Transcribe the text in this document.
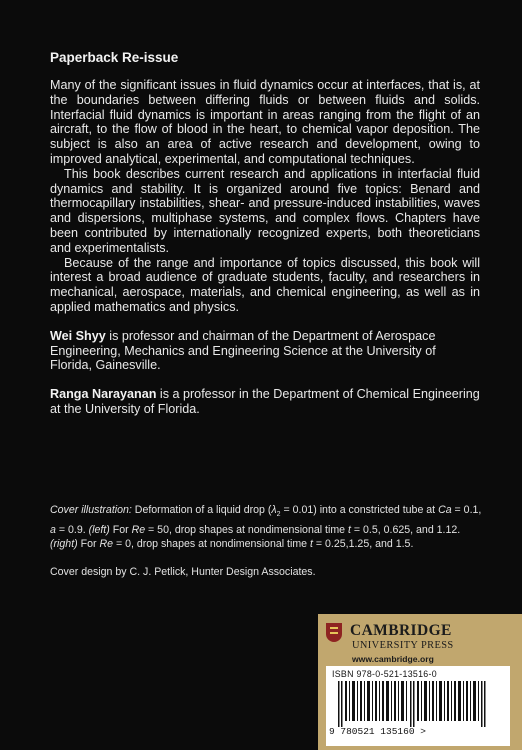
Paperback Re-issue

Many of the significant issues in fluid dynamics occur at interfaces, that is, at the boundaries between differing fluids or between fluids and solids. Interfacial fluid dynamics is important in areas ranging from the flight of an aircraft, to the flow of blood in the heart, to chemical vapor deposition. The subject is also an area of active research and development, owing to improved analytical, experimental, and computational techniques.

This book describes current research and applications in interfacial fluid dynamics and stability. It is organized around five topics: Benard and thermocapillary instabilities, shear- and pressure-induced instabilities, waves and dispersions, multiphase systems, and complex flows. Chapters have been contributed by internationally recognized experts, both theoreticians and experimentalists.

Because of the range and importance of topics discussed, this book will interest a broad audience of graduate students, faculty, and researchers in mechanical, aerospace, materials, and chemical engineering, as well as in applied mathematics and physics.

Wei Shyy is professor and chairman of the Department of Aerospace Engineering, Mechanics and Engineering Science at the University of Florida, Gainesville.

Ranga Narayanan is a professor in the Department of Chemical Engineering at the University of Florida.

Cover illustration: Deformation of a liquid drop $(\lambda_2 = 0.01)$ into a constricted tube at Ca = 0.1, a = 0.9. (left) For Re = 50, drop shapes at nondimensional time t = 0.5, 0.625, and 1.12. (right) For Re = 0, drop shapes at nondimensional time t = 0.25,1.25, and 1.5.

Cover design by C. J. Petlick, Hunter Design Associates.

CAMBRIDGE
UNIVERSITY PRESS
www.cambridge.org
ISBN 978-0-521-13516-0
9 780521 135160 >
